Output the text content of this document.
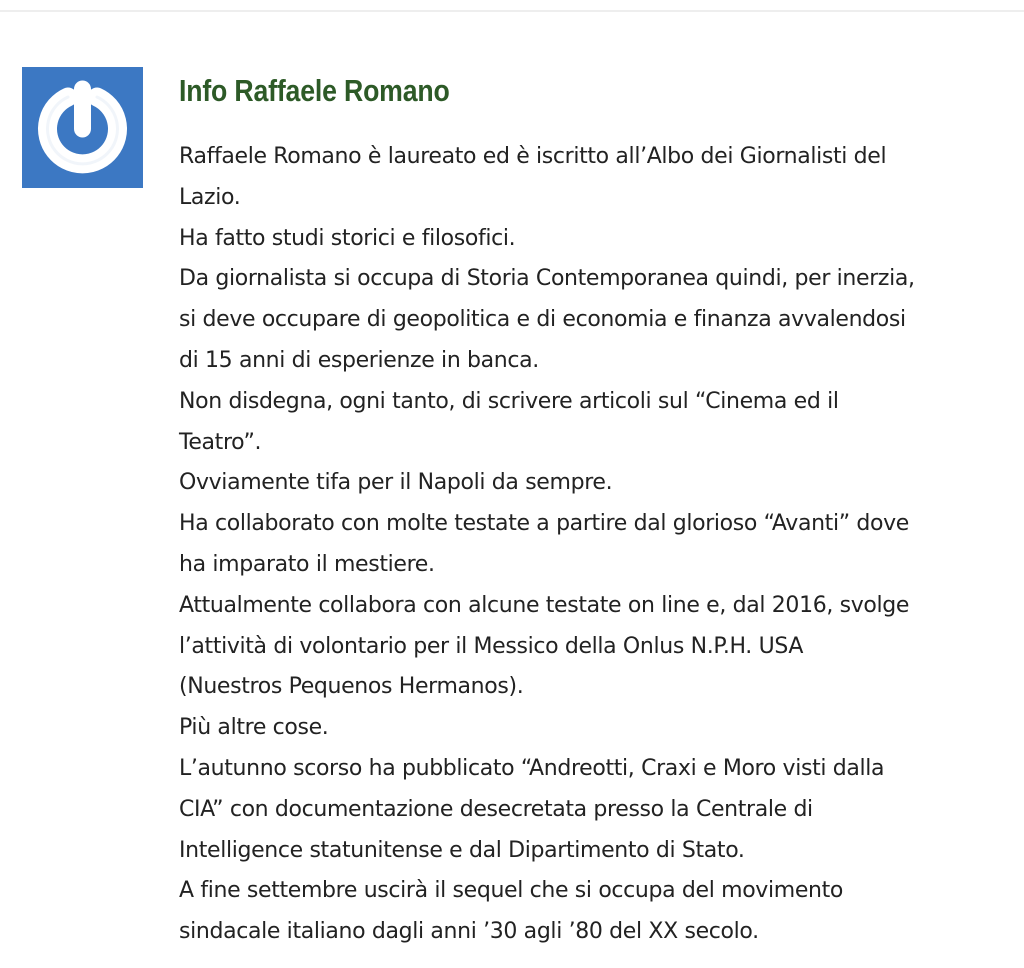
Info Raffaele Romano
Raffaele Romano è laureato ed è iscritto all’Albo dei Giornalisti del
Lazio.
Ha fatto studi storici e filosofici.
Da giornalista si occupa di Storia Contemporanea quindi, per inerzia,
si deve occupare di geopolitica e di economia e finanza avvalendosi
di 15 anni di esperienze in banca.
Non disdegna, ogni tanto, di scrivere articoli sul “Cinema ed il
Teatro”.
Ovviamente tifa per il Napoli da sempre.
Ha collaborato con molte testate a partire dal glorioso “Avanti” dove
ha imparato il mestiere.
Attualmente collabora con alcune testate on line e, dal 2016, svolge
l’attività di volontario per il Messico della Onlus N.P.H. USA
(Nuestros Pequenos Hermanos).
Più altre cose.
L’autunno scorso ha pubblicato “Andreotti, Craxi e Moro visti dalla
CIA” con documentazione desecretata presso la Centrale di
Intelligence statunitense e dal Dipartimento di Stato.
A fine settembre uscirà il sequel che si occupa del movimento
sindacale italiano dagli anni ’30 agli ’80 del XX secolo.
